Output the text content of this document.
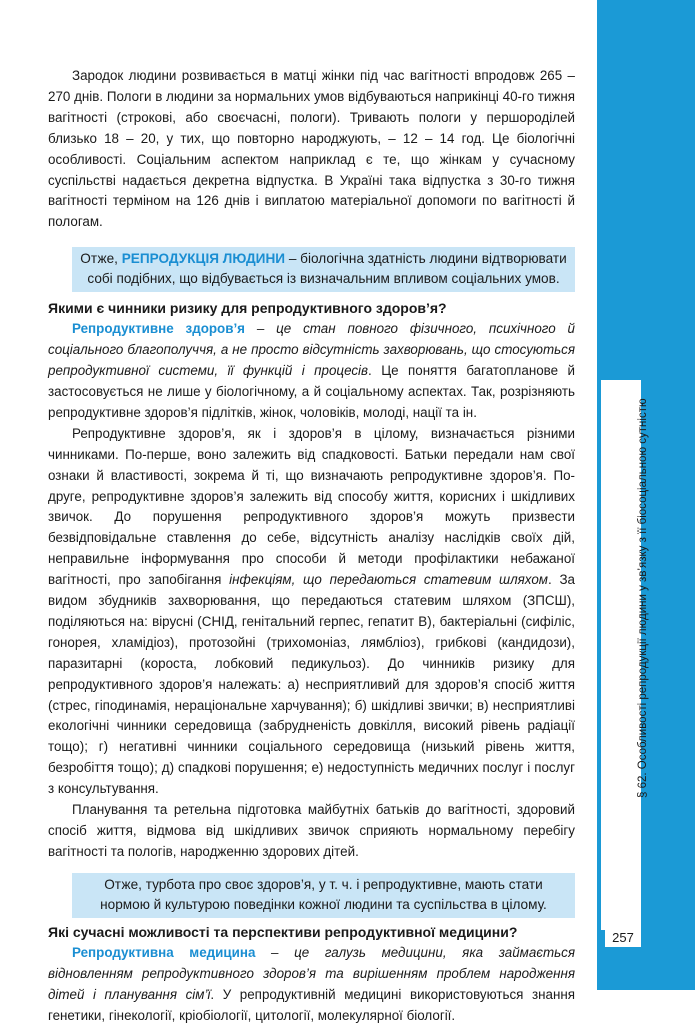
§ 62. Особливості репродукції людини у зв’язку з її біосоціальною сутністю
257

Зародок людини розвивається в матці жінки під час вагітності впродовж 265 – 270 днів. Пологи в людини за нормальних умов відбуваються наприкінці 40-го тижня вагітності (строкові, або своєчасні, пологи). Тривають пологи у першородiлей близько 18 – 20, у тих, що повторно народжують, – 12 – 14 год. Це біологічні особливості. Соціальним аспектом наприклад є те, що жінкам у сучасному суспільстві надається декретна відпустка. В Україні така відпустка з 30-го тижня вагітності терміном на 126 днів і виплатою матеріальної допомоги по вагітності й пологам.

Отже, РЕПРОДУКЦІЯ ЛЮДИНИ – біологічна здатність людини відтворювати собі подібних, що відбувається із визначальним впливом соціальних умов.
Якими є чинники ризику для репродуктивного здоров’я?

Репродуктивне здоров’я – це стан повного фізичного, психічного й соціального благополуччя, а не просто відсутність захворювань, що стосуються репродуктивної системи, її функцій і процесів. Це поняття багатопланове й застосовується не лише у біологічному, а й соціальному аспектах. Так, розрізняють репродуктивне здоров’я підлітків, жінок, чоловіків, молоді, нації та ін.

Репродуктивне здоров’я, як і здоров’я в цілому, визначається різними чинниками. По-перше, воно залежить від спадковості. Батьки передали нам свої ознаки й властивості, зокрема й ті, що визначають репродуктивне здоров’я. По-друге, репродуктивне здоров’я залежить від способу життя, корисних і шкідливих звичок. До порушення репродуктивного здоров’я можуть призвести безвідповідальне ставлення до себе, відсутність аналізу наслідків своїх дій, неправильне інформування про способи й методи профілактики небажаної вагітності, про запобігання інфекціям, що передаються статевим шляхом. За видом збудників захворювання, що передаються статевим шляхом (ЗПСШ), поділяються на: вірусні (СНІД, генітальний герпес, гепатит В), бактеріальні (сифіліс, гонорея, хламідіоз), протозойні (трихомоніаз, лямбліоз), грибкові (кандидози), паразитарні (короста, лобковий педикульоз). До чинників ризику для репродуктивного здоров’я належать: а) несприятливий для здоров’я спосіб життя (стрес, гіподинамія, нераціональне харчування); б) шкідливі звички; в) несприятливі екологічні чинники середовища (забрудненість довкілля, високий рівень радіації тощо); г) негативні чинники соціального середовища (низький рівень життя, безробіття тощо); д) спадкові порушення; е) недоступність медичних послуг і послуг з консультування.

Планування та ретельна підготовка майбутніх батьків до вагітності, здоровий спосіб життя, відмова від шкідливих звичок сприяють нормальному перебігу вагітності та пологів, народженню здорових дітей.

Отже, турбота про своє здоров’я, у т. ч. і репродуктивне, мають стати нормою й культурою поведінки кожної людини та суспільства в цілому.
Які сучасні можливості та перспективи репродуктивної медицини?

Репродуктивна медицина – це галузь медицини, яка займається відновленням репродуктивного здоров’я та вирішенням проблем народження дітей і планування сім’ї. У репродуктивній медицині використовуються знання генетики, гінекології, кріобіології, цитології, молекулярної біології.
